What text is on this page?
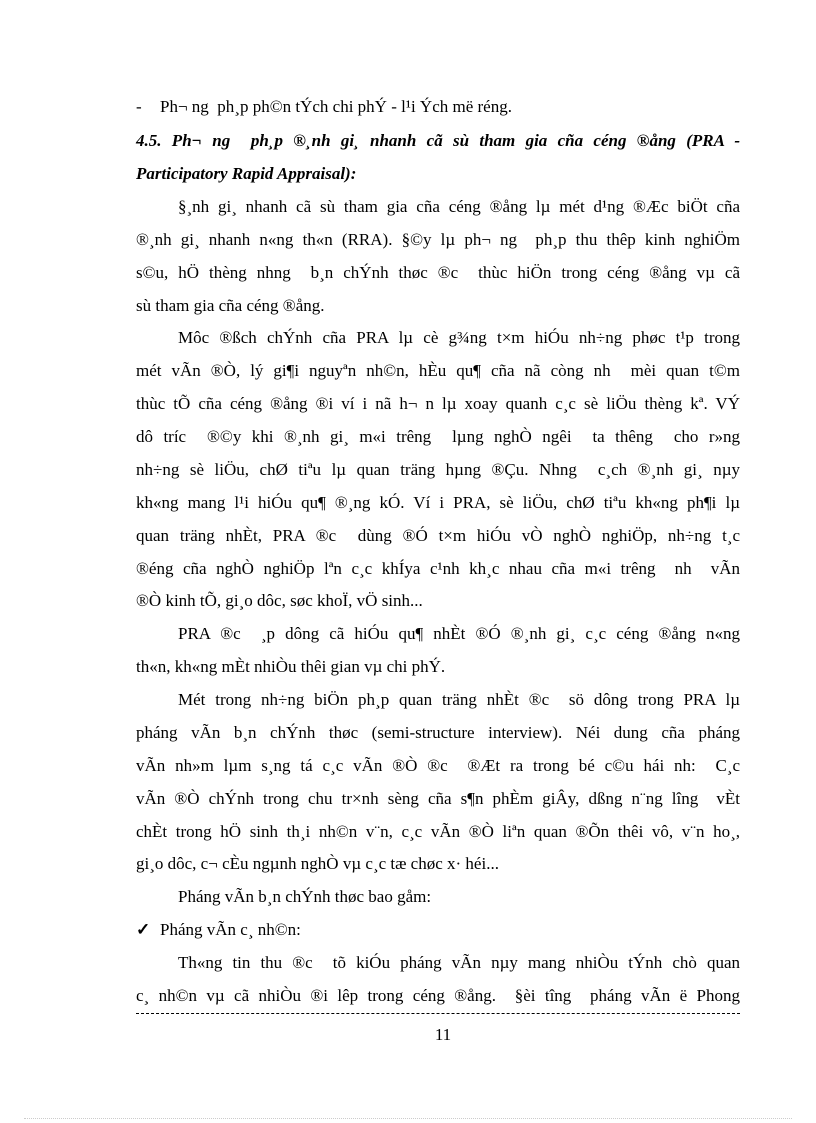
- Ph¬ ng  ph¸p ph©n tÝch chi phÝ - l¹i Ých më réng.
4.5. Ph¬ ng  ph¸p ®¸nh gi¸ nhanh cã sù tham gia cña céng ®ång (PRA -
Participatory Rapid Appraisal):
§¸nh gi¸ nhanh cã sù tham gia cña céng ®ång lµ mét d¹ng ®Æc biÖt cña
®¸nh gi¸ nhanh n«ng th«n (RRA). §©y lµ ph¬ ng  ph¸p thu thêp kinh nghiÖm
s©u, hÖ thèng nhng  b¸n chÝnh thøc ®c  thùc hiÖn trong céng ®ång vµ cã
sù tham gia cña céng ®ång.
Môc ®ßch chÝnh cña PRA lµ cè g¾ng t×m hiÓu nh÷ng phøc t¹p trong
mét vÃn ®Ò, lý gi¶i nguyªn nh©n, hÈu qu¶ cña nã còng nh  mèi quan t©m
thùc tÕ cña céng ®ång ®i ví i nã h¬ n lµ xoay quanh c¸c sè liÖu thèng kª. VÝ
dô tríc  ®©y khi ®¸nh gi¸ m«i trêng  lµng nghÒ ngêi  ta thêng  cho r»ng
nh÷ng sè liÖu, chØ tiªu lµ quan träng hµng ®Çu. Nhng  c¸ch ®¸nh gi¸ nµy
kh«ng mang l¹i hiÓu qu¶ ®¸ng kÓ. Ví i PRA, sè liÖu, chØ tiªu kh«ng ph¶i lµ
quan träng nhÈt, PRA ®c  dùng ®Ó t×m hiÓu vÒ nghÒ nghiÖp, nh÷ng t¸c
®éng cña nghÒ nghiÖp lªn c¸c khÍya c¹nh kh¸c nhau cña m«i trêng  nh  vÃn
®Ò kinh tÕ, gi¸o dôc, søc khoÏ, vÖ sinh...
PRA ®c  ¸p dông cã hiÓu qu¶ nhÈt ®Ó ®¸nh gi¸ c¸c céng ®ång n«ng
th«n, kh«ng mÈt nhiÒu thêi gian vµ chi phÝ.
Mét trong nh÷ng biÖn ph¸p quan träng nhÈt ®c  sö dông trong PRA lµ
pháng vÃn b¸n chÝnh thøc (semi-structure interview). Néi dung cña pháng
vÃn nh»m lµm s¸ng tá c¸c vÃn ®Ò ®c  ®Æt ra trong bé c©u hái nh:  C¸c
vÃn ®Ò chÝnh trong chu tr×nh sèng cña s¶n phÈm giÂy, dßng n¨ng lîng  vÈt
chÈt trong hÖ sinh th¸i nh©n v¨n, c¸c vÃn ®Ò liªn quan ®Õn thêi vô, v¨n ho¸,
gi¸o dôc, c¬ cÈu ngµnh nghÒ vµ c¸c tæ chøc x· héi...
Pháng vÃn b¸n chÝnh thøc bao gåm:
✓ Pháng vÃn c¸ nh©n:
Th«ng tin thu ®c  tõ kiÓu pháng vÃn nµy mang nhiÒu tÝnh chò quan
c¸ nh©n vµ cã nhiÒu ®i lêp trong céng ®ång.  §èi tîng  pháng vÃn ë Phong
11
